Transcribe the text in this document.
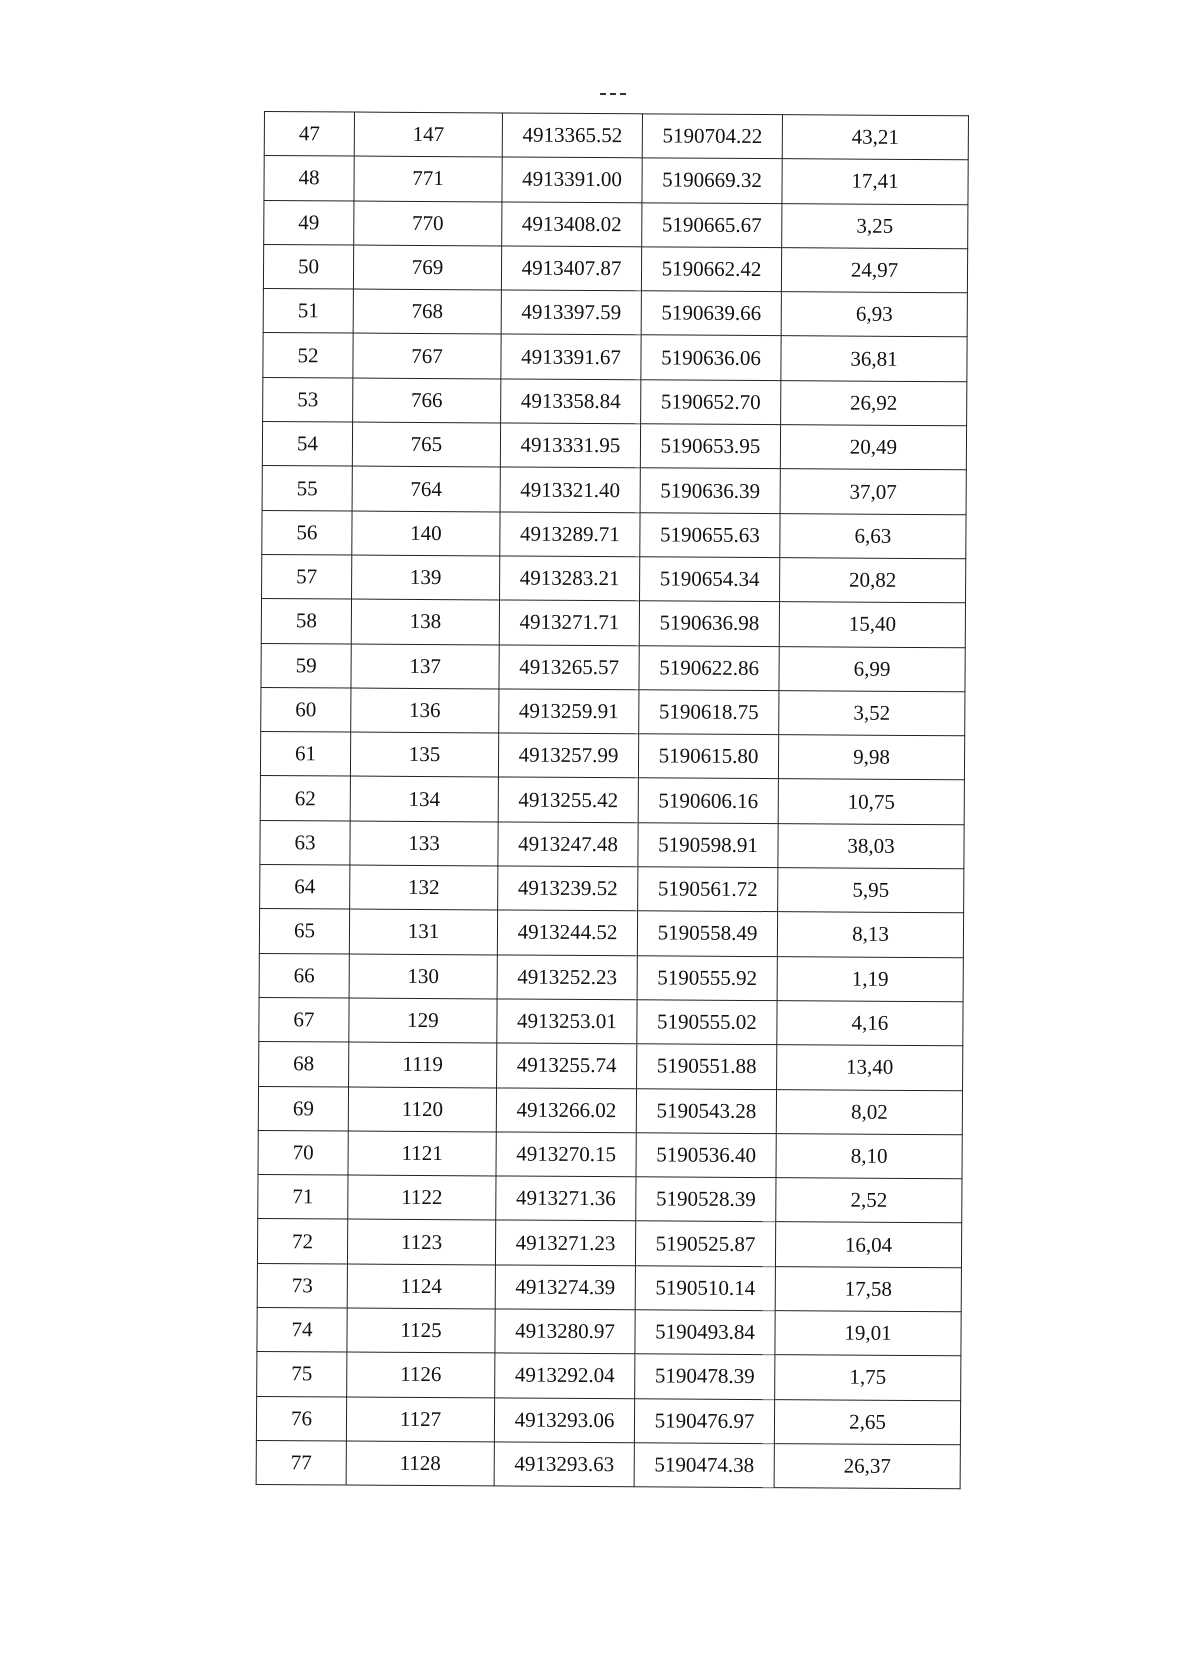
47	147	4913365.52	5190704.22	43,21
48	771	4913391.00	5190669.32	17,41
49	770	4913408.02	5190665.67	3,25
50	769	4913407.87	5190662.42	24,97
51	768	4913397.59	5190639.66	6,93
52	767	4913391.67	5190636.06	36,81
53	766	4913358.84	5190652.70	26,92
54	765	4913331.95	5190653.95	20,49
55	764	4913321.40	5190636.39	37,07
56	140	4913289.71	5190655.63	6,63
57	139	4913283.21	5190654.34	20,82
58	138	4913271.71	5190636.98	15,40
59	137	4913265.57	5190622.86	6,99
60	136	4913259.91	5190618.75	3,52
61	135	4913257.99	5190615.80	9,98
62	134	4913255.42	5190606.16	10,75
63	133	4913247.48	5190598.91	38,03
64	132	4913239.52	5190561.72	5,95
65	131	4913244.52	5190558.49	8,13
66	130	4913252.23	5190555.92	1,19
67	129	4913253.01	5190555.02	4,16
68	1119	4913255.74	5190551.88	13,40
69	1120	4913266.02	5190543.28	8,02
70	1121	4913270.15	5190536.40	8,10
71	1122	4913271.36	5190528.39	2,52
72	1123	4913271.23	5190525.87	16,04
73	1124	4913274.39	5190510.14	17,58
74	1125	4913280.97	5190493.84	19,01
75	1126	4913292.04	5190478.39	1,75
76	1127	4913293.06	5190476.97	2,65
77	1128	4913293.63	5190474.38	26,37
